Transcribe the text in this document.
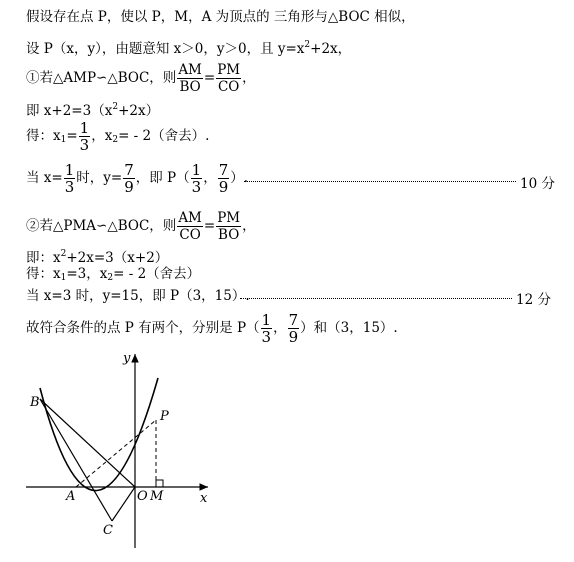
假设存在点 P，使以 P，M，A 为顶点的 三角形与△BOC 相似，
设 P（x，y），由题意知 x＞0，y＞0，且 $y=x^2+2x$，
①若△AMP∽△BOC，则 $\frac{AM}{BO} = \frac{PM}{CO}$ ，
即 $x+2=3(x^2+2x)$
得：$x_1= \frac{1}{3}$ ，$x_2= - 2$（舍去）.
当 $x= \frac{1}{3}$ 时，$y= \frac{7}{9}$ ，即 $P( \frac{1}{3}$ ， $\frac{7}{9}$ ）.	10 分
②若△PMA∽△BOC，则 $\frac{AM}{CO} = \frac{PM}{BO}$ ，
即：$x^2+2x=3(x+2)$
得：$x_1=3$，$x_2= - 2$（舍去）
当 x=3 时，y=15，即 P（3，15）.	12 分
故符合条件的点 P 有两个，分别是 $P( \frac{1}{3}$ ， $\frac{7}{9}$ ）和（3，15）.
y
x
B
P
A	O M
C
